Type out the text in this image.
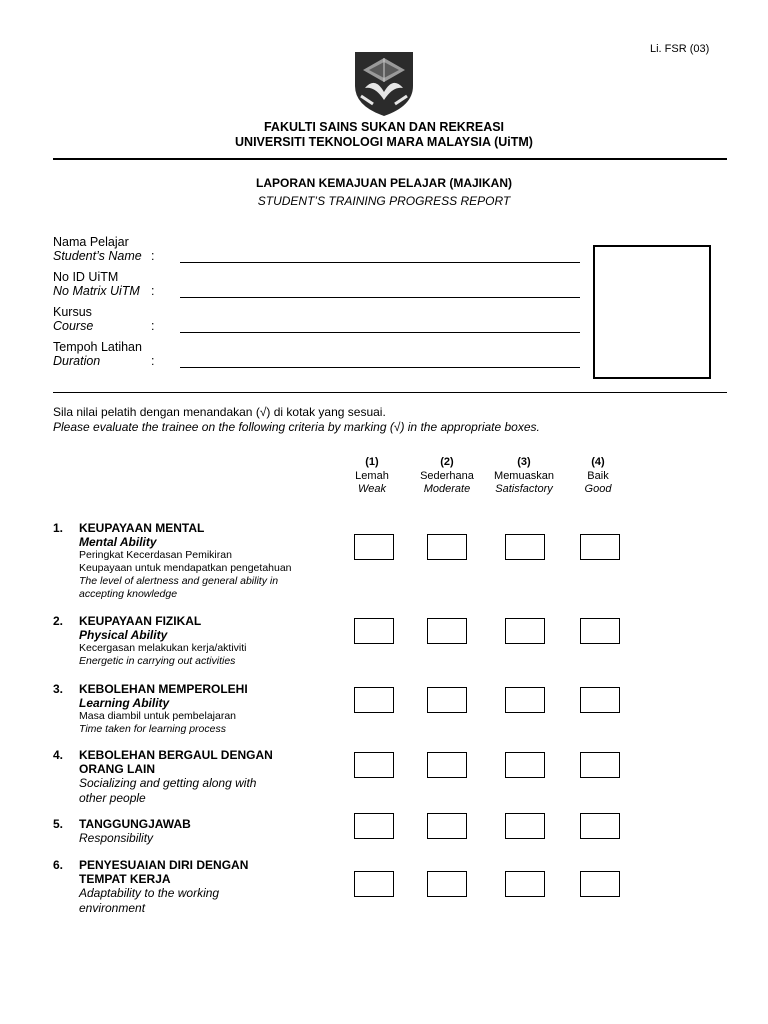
Li. FSR (03)
FAKULTI SAINS SUKAN DAN REKREASI
UNIVERSITI TEKNOLOGI MARA MALAYSIA (UiTM)
LAPORAN KEMAJUAN PELAJAR (MAJIKAN)
STUDENT’S TRAINING PROGRESS REPORT
Nama Pelajar
Student’s Name :
No ID UiTM
No Matrix UiTM :
Kursus
Course	:
Tempoh Latihan
Duration	:
Sila nilai pelatih dengan menandakan (√) di kotak yang sesuai.
Please evaluate the trainee on the following criteria by marking (√) in the appropriate boxes.
(1)
Lemah
Weak
(2)
Sederhana
Moderate
(3)
Memuaskan
Satisfactory
(4)
Baik
Good
1. KEUPAYAAN MENTAL
Mental Ability
Peringkat Kecerdasan Pemikiran
Keupayaan untuk mendapatkan pengetahuan
The level of alertness and general ability in
accepting knowledge
2. KEUPAYAAN FIZIKAL
Physical Ability
Kecergasan melakukan kerja/aktiviti
Energetic in carrying out activities
3. KEBOLEHAN MEMPEROLEHI
Learning Ability
Masa diambil untuk pembelajaran
Time taken for learning process
4. KEBOLEHAN BERGAUL DENGAN
ORANG LAIN
Socializing and getting along with
other people
5. TANGGUNGJAWAB
Responsibility
6. PENYESUAIAN DIRI DENGAN
TEMPAT KERJA
Adaptability to the working
environment
